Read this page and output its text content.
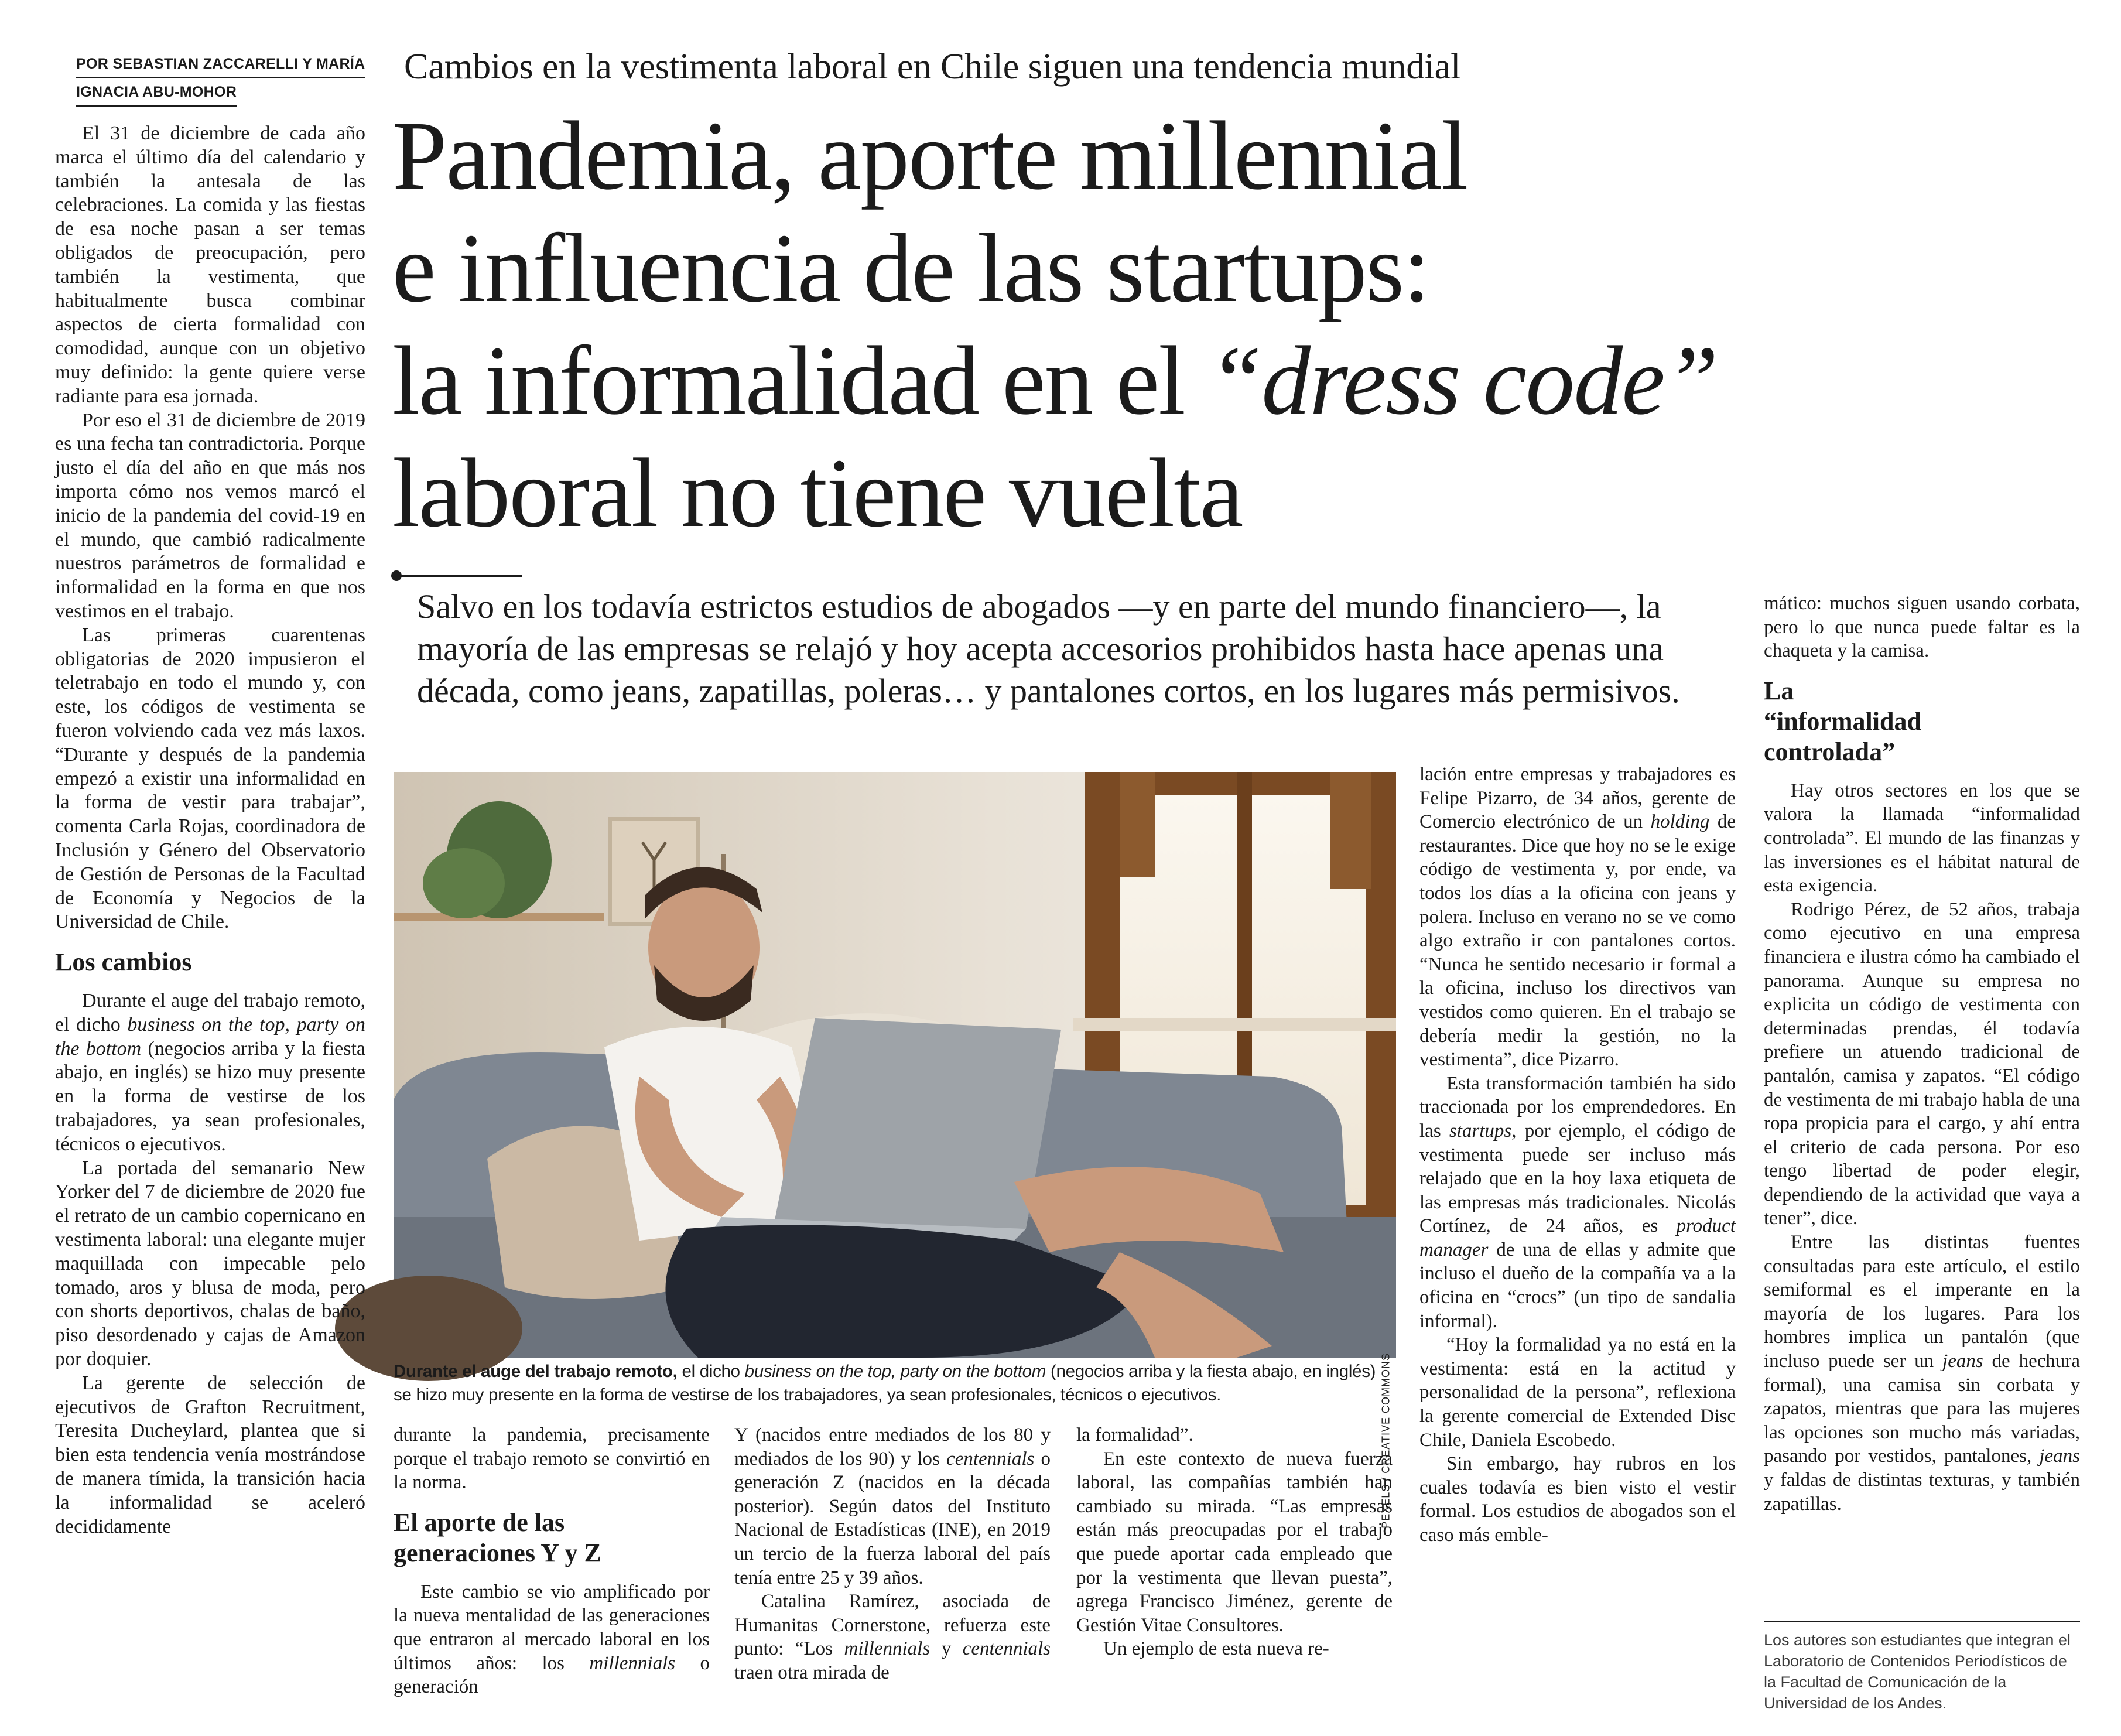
POR SEBASTIAN ZACCARELLI Y MARÍA
IGNACIA ABU-MOHOR
Cambios en la vestimenta laboral en Chile siguen una tendencia mundial
Pandemia, aporte millennial
e influencia de las startups:
la informalidad en el “dress code”
laboral no tiene vuelta
Salvo en los todavía estrictos estudios de abogados —y en parte del mundo financiero—, la mayoría de las empresas se relajó y hoy acepta accesorios prohibidos hasta hace apenas una década, como jeans, zapatillas, poleras… y pantalones cortos, en los lugares más permisivos.
PEXELS / CREATIVE COMMONS
Durante el auge del trabajo remoto, el dicho business on the top, party on the bottom (negocios arriba y la fiesta abajo, en inglés) se hizo muy presente en la forma de vestirse de los trabajadores, ya sean profesionales, técnicos o ejecutivos.

El 31 de diciembre de cada año marca el último día del calendario y también la antesala de las celebraciones. La comida y las fiestas de esa noche pasan a ser temas obligados de preocupación, pero también la vestimenta, que habitualmente busca combinar aspectos de cierta formalidad con comodidad, aunque con un objetivo muy definido: la gente quiere verse radiante para esa jornada.

Por eso el 31 de diciembre de 2019 es una fecha tan contradictoria. Porque justo el día del año en que más nos importa cómo nos vemos marcó el inicio de la pandemia del covid-19 en el mundo, que cambió radicalmente nuestros parámetros de formalidad e informalidad en la forma en que nos vestimos en el trabajo.

Las primeras cuarentenas obligatorias de 2020 impusieron el teletrabajo en todo el mundo y, con este, los códigos de vestimenta se fueron volviendo cada vez más laxos. “Durante y después de la pandemia empezó a existir una informalidad en la forma de vestir para trabajar”, comenta Carla Rojas, coordinadora de Inclusión y Género del Observatorio de Gestión de Personas de la Facultad de Economía y Negocios de la Universidad de Chile.

Los cambios

Durante el auge del trabajo remoto, el dicho business on the top, party on the bottom (negocios arriba y la fiesta abajo, en inglés) se hizo muy presente en la forma de vestirse de los trabajadores, ya sean profesionales, técnicos o ejecutivos.

La portada del semanario New Yorker del 7 de diciembre de 2020 fue el retrato de un cambio copernicano en vestimenta laboral: una elegante mujer maquillada con impecable pelo tomado, aros y blusa de moda, pero con shorts deportivos, chalas de baño, piso desordenado y cajas de Amazon por doquier.

La gerente de selección de ejecutivos de Grafton Recruitment, Teresita Ducheylard, plantea que si bien esta tendencia venía mostrándose de manera tímida, la transición hacia la informalidad se aceleró decididamente

durante la pandemia, precisamente porque el trabajo remoto se convirtió en la norma.

El aporte de las generaciones Y y Z

Este cambio se vio amplificado por la nueva mentalidad de las generaciones que entraron al mercado laboral en los últimos años: los millennials o generación

Y (nacidos entre mediados de los 80 y mediados de los 90) y los centennials o generación Z (nacidos en la década posterior). Según datos del Instituto Nacional de Estadísticas (INE), en 2019 un tercio de la fuerza laboral del país tenía entre 25 y 39 años.

Catalina Ramírez, asociada de Humanitas Cornerstone, refuerza este punto: “Los millennials y centennials traen otra mirada de

la formalidad”.

En este contexto de nueva fuerza laboral, las compañías también han cambiado su mirada. “Las empresas están más preocupadas por el trabajo que puede aportar cada empleado que por la vestimenta que llevan puesta”, agrega Francisco Jiménez, gerente de Gestión Vitae Consultores.

Un ejemplo de esta nueva re-

lación entre empresas y trabajadores es Felipe Pizarro, de 34 años, gerente de Comercio electrónico de un holding de restaurantes. Dice que hoy no se le exige código de vestimenta y, por ende, va todos los días a la oficina con jeans y polera. Incluso en verano no se ve como algo extraño ir con pantalones cortos. “Nunca he sentido necesario ir formal a la oficina, incluso los directivos van vestidos como quieren. En el trabajo se debería medir la gestión, no la vestimenta”, dice Pizarro.

Esta transformación también ha sido traccionada por los emprendedores. En las startups, por ejemplo, el código de vestimenta puede ser incluso más relajado que en la hoy laxa etiqueta de las empresas más tradicionales. Nicolás Cortínez, de 24 años, es product manager de una de ellas y admite que incluso el dueño de la compañía va a la oficina en “crocs” (un tipo de sandalia informal).

“Hoy la formalidad ya no está en la vestimenta: está en la actitud y personalidad de la persona”, reflexiona la gerente comercial de Extended Disc Chile, Daniela Escobedo.

Sin embargo, hay rubros en los cuales todavía es bien visto el vestir formal. Los estudios de abogados son el caso más emble-

mático: muchos siguen usando corbata, pero lo que nunca puede faltar es la chaqueta y la camisa.

La “informalidad controlada”

Hay otros sectores en los que se valora la llamada “informalidad controlada”. El mundo de las finanzas y las inversiones es el hábitat natural de esta exigencia.

Rodrigo Pérez, de 52 años, trabaja como ejecutivo en una empresa financiera e ilustra cómo ha cambiado el panorama. Aunque su empresa no explicita un código de vestimenta con determinadas prendas, él todavía prefiere un atuendo tradicional de pantalón, camisa y zapatos. “El código de vestimenta de mi trabajo habla de una ropa propicia para el cargo, y ahí entra el criterio de cada persona. Por eso tengo libertad de poder elegir, dependiendo de la actividad que vaya a tener”, dice.

Entre las distintas fuentes consultadas para este artículo, el estilo semiformal es el imperante en la mayoría de los lugares. Para los hombres implica un pantalón (que incluso puede ser un jeans de hechura formal), una camisa sin corbata y zapatos, mientras que para las mujeres las opciones son mucho más variadas, pasando por vestidos, pantalones, jeans y faldas de distintas texturas, y también zapatillas.

Los autores son estudiantes que integran el Laboratorio de Contenidos Periodísticos de la Facultad de Comunicación de la Universidad de los Andes.
